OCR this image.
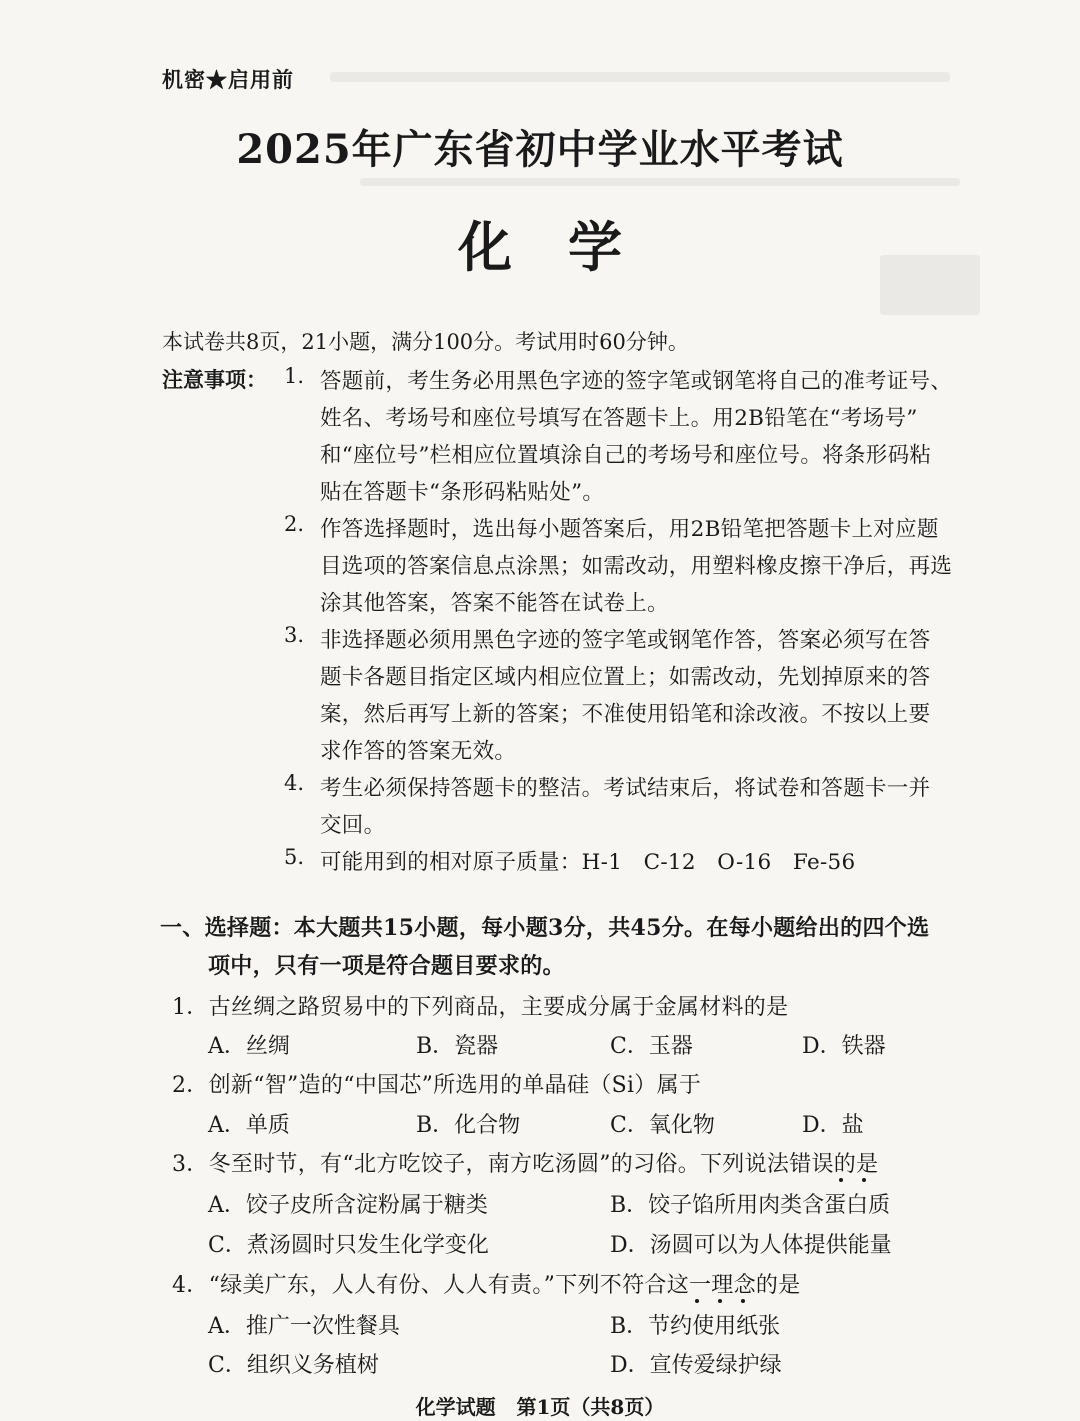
机密★启用前
2025年广东省初中学业水平考试
化学
本试卷共8页，21小题，满分100分。考试用时60分钟。
注意事项： 1. 答题前，考生务必用黑色字迹的签字笔或钢笔将自己的准考证号、
姓名、考场号和座位号填写在答题卡上。用2B铅笔在“考场号”
和“座位号”栏相应位置填涂自己的考场号和座位号。将条形码粘
贴在答题卡“条形码粘贴处”。
2. 作答选择题时，选出每小题答案后，用2B铅笔把答题卡上对应题
目选项的答案信息点涂黑；如需改动，用塑料橡皮擦干净后，再选
涂其他答案，答案不能答在试卷上。
3. 非选择题必须用黑色字迹的签字笔或钢笔作答，答案必须写在答
题卡各题目指定区域内相应位置上；如需改动，先划掉原来的答
案，然后再写上新的答案；不准使用铅笔和涂改液。不按以上要
求作答的答案无效。
4. 考生必须保持答题卡的整洁。考试结束后，将试卷和答题卡一并
交回。
5. 可能用到的相对原子质量：H-1   C-12   O-16   Fe-56
一、选择题：本大题共15小题，每小题3分，共45分。在每小题给出的四个选
项中，只有一项是符合题目要求的。
1．古丝绸之路贸易中的下列商品，主要成分属于金属材料的是
A．丝绸	B．瓷器	C．玉器	D．铁器
2．创新“智”造的“中国芯”所选用的单晶硅（Si）属于
A．单质	B．化合物	C．氧化物	D．盐
3．冬至时节，有“北方吃饺子，南方吃汤圆”的习俗。下列说法错误的是
A．饺子皮所含淀粉属于糖类	B．饺子馅所用肉类含蛋白质
C．煮汤圆时只发生化学变化	D．汤圆可以为人体提供能量
4．“绿美广东，人人有份、人人有责。”下列不符合这一理念的是
A．推广一次性餐具	B．节约使用纸张
C．组织义务植树	D．宣传爱绿护绿
化学试题   第1页（共8页）
